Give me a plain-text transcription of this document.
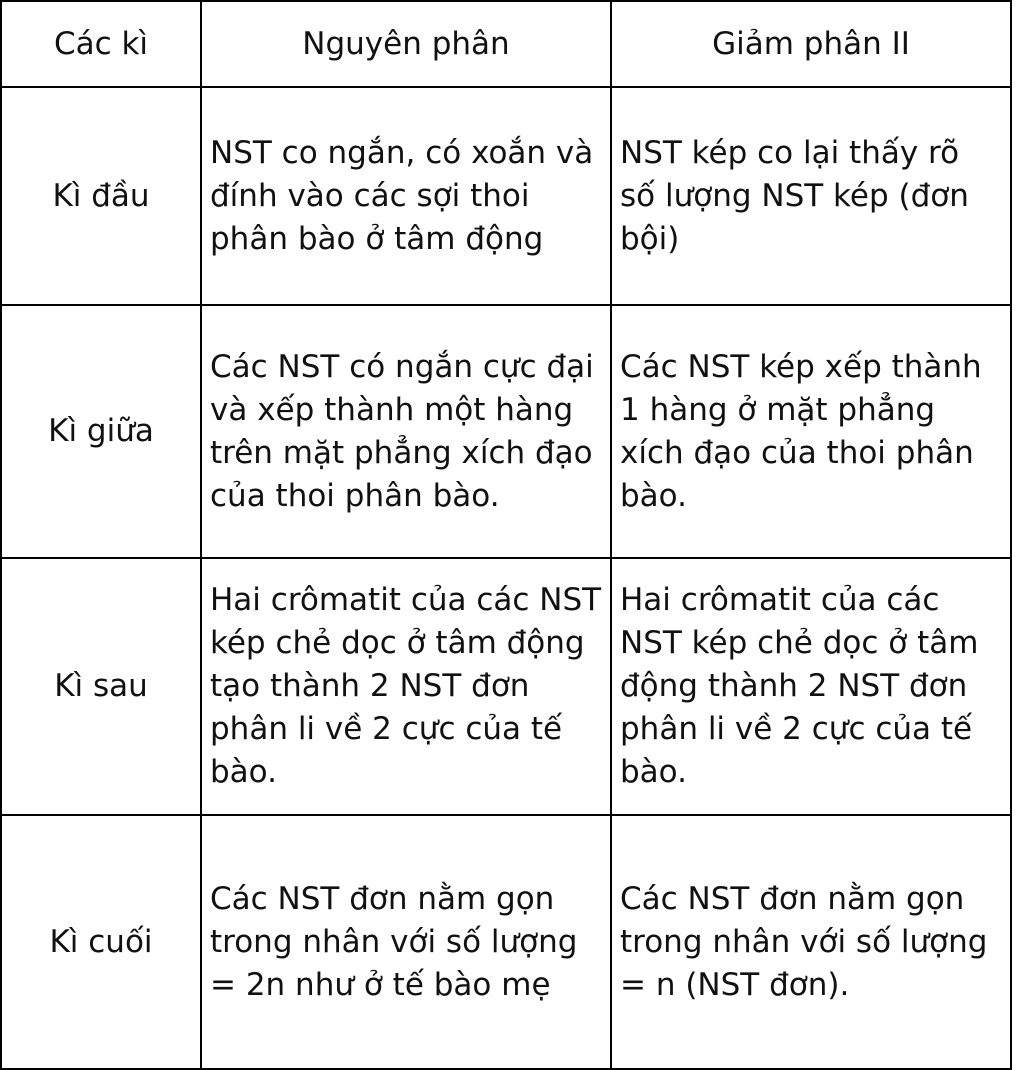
Các kì	Nguyên phân	Giảm phân II
Kì đầu	NST co ngắn, có xoắn và đính vào các sợi thoi phân bào ở tâm động	NST kép co lại thấy rõ số lượng NST kép (đơn bội)
Kì giữa	Các NST có ngắn cực đại và xếp thành một hàng trên mặt phẳng xích đạo của thoi phân bào.	Các NST kép xếp thành 1 hàng ở mặt phẳng xích đạo của thoi phân bào.
Kì sau	Hai crômatit của các NST kép chẻ dọc ở tâm động tạo thành 2 NST đơn phân li về 2 cực của tế bào.	Hai crômatit của các NST kép chẻ dọc ở tâm động thành 2 NST đơn phân li về 2 cực của tế bào.
Kì cuối	Các NST đơn nằm gọn trong nhân với số lượng = 2n như ở tế bào mẹ	Các NST đơn nằm gọn trong nhân với số lượng = n (NST đơn).
